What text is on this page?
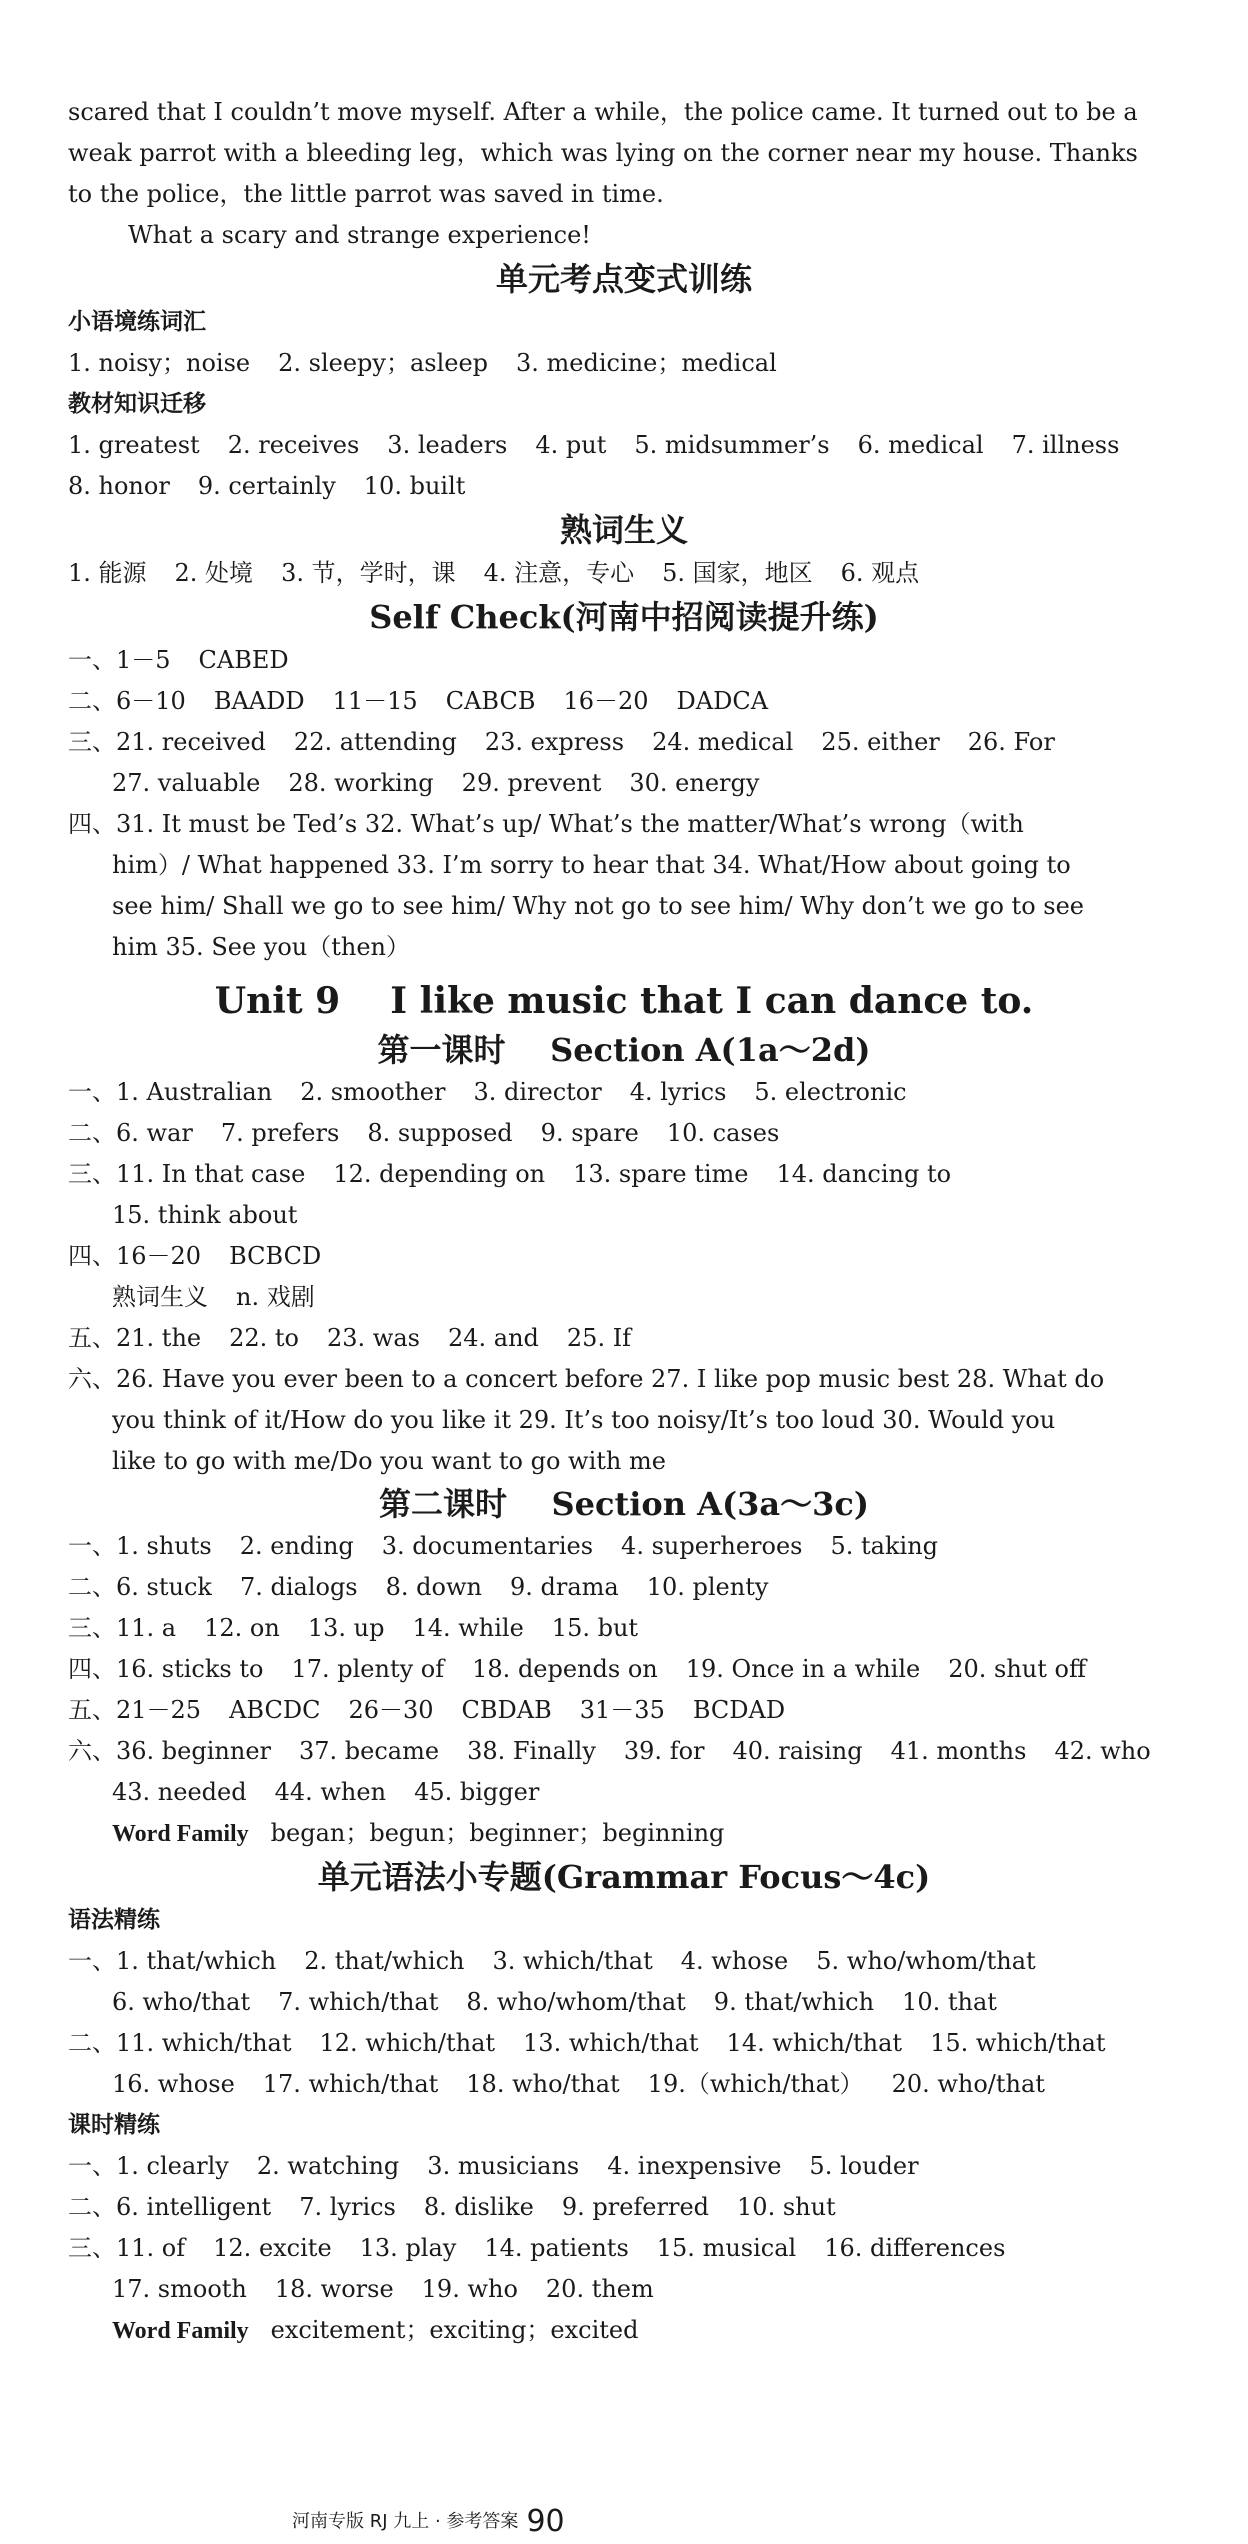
scared that I couldn’t move myself. After a while，the police came. It turned out to be a
weak parrot with a bleeding leg，which was lying on the corner near my house. Thanks
to the police，the little parrot was saved in time.
What a scary and strange experience!
单元考点变式训练
小语境练词汇
1. noisy；noise 2. sleepy；asleep 3. medicine；medical
教材知识迁移
1. greatest 2. receives 3. leaders 4. put 5. midsummer’s 6. medical 7. illness
8. honor 9. certainly 10. built
熟词生义
1. 能源 2. 处境 3. 节，学时，课 4. 注意，专心 5. 国家，地区 6. 观点
Self Check(河南中招阅读提升练)
一、1－5 CABED
二、6－10 BAADD 11－15 CABCB 16－20 DADCA
三、21. received 22. attending 23. express 24. medical 25. either 26. For
27. valuable 28. working 29. prevent 30. energy
四、31. It must be Ted’s 32. What’s up/ What’s the matter/What’s wrong（with
him）/ What happened 33. I’m sorry to hear that 34. What/How about going to
see him/ Shall we go to see him/ Why not go to see him/ Why don’t we go to see
him 35. See you（then）
Unit 9    I like music that I can dance to.
第一课时    Section A(1a～2d)
一、1. Australian 2. smoother 3. director 4. lyrics 5. electronic
二、6. war 7. prefers 8. supposed 9. spare 10. cases
三、11. In that case 12. depending on 13. spare time 14. dancing to
15. think about
四、16－20 BCBCD
熟词生义 n. 戏剧
五、21. the 22. to 23. was 24. and 25. If
六、26. Have you ever been to a concert before 27. I like pop music best 28. What do
you think of it/How do you like it 29. It’s too noisy/It’s too loud 30. Would you
like to go with me/Do you want to go with me
第二课时    Section A(3a～3c)
一、1. shuts 2. ending 3. documentaries 4. superheroes 5. taking
二、6. stuck 7. dialogs 8. down 9. drama 10. plenty
三、11. a 12. on 13. up 14. while 15. but
四、16. sticks to 17. plenty of 18. depends on 19. Once in a while 20. shut off
五、21－25 ABCDC 26－30 CBDAB 31－35 BCDAD
六、36. beginner 37. became 38. Finally 39. for 40. raising 41. months 42. who
43. needed 44. when 45. bigger
Word Family began；begun；beginner；beginning
单元语法小专题(Grammar Focus～4c)
语法精练
一、1. that/which 2. that/which 3. which/that 4. whose 5. who/whom/that
6. who/that 7. which/that 8. who/whom/that 9. that/which 10. that
二、11. which/that 12. which/that 13. which/that 14. which/that 15. which/that
16. whose 17. which/that 18. who/that 19.（which/that） 20. who/that
课时精练
一、1. clearly 2. watching 3. musicians 4. inexpensive 5. louder
二、6. intelligent 7. lyrics 8. dislike 9. preferred 10. shut
三、11. of 12. excite 13. play 14. patients 15. musical 16. differences
17. smooth 18. worse 19. who 20. them
Word Family excitement；exciting；excited
河南专版 RJ 九上 · 参考答案 90
